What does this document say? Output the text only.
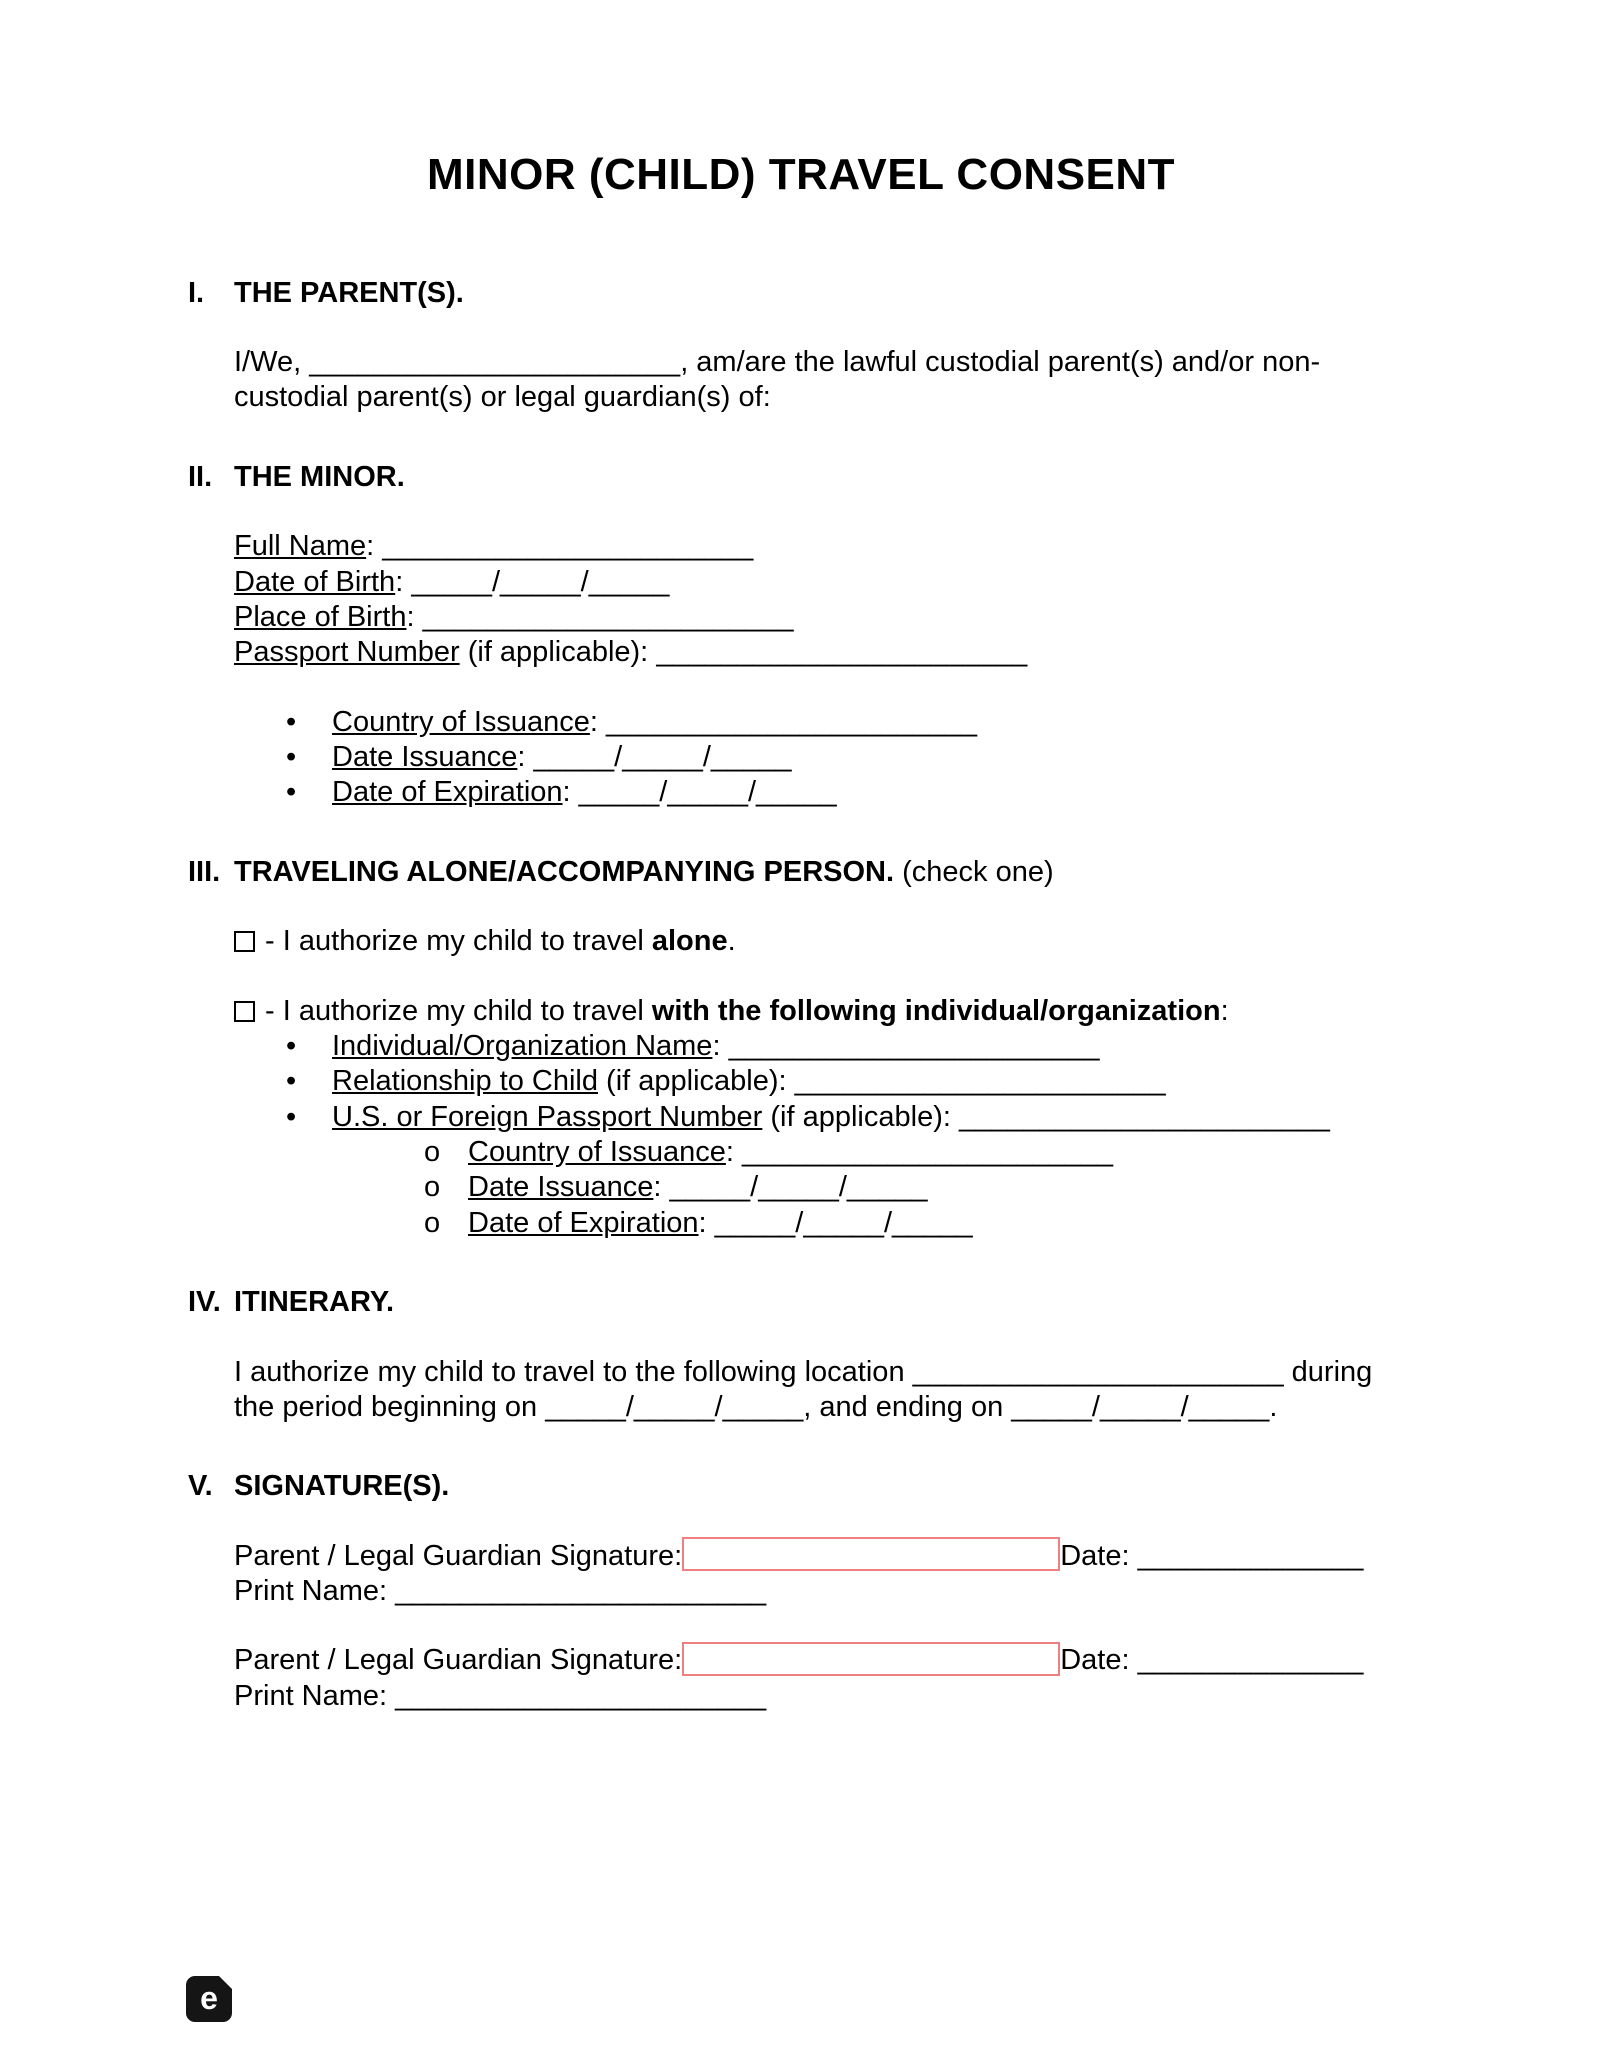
MINOR (CHILD) TRAVEL CONSENT
I.	THE PARENT(S).
I/We, _______________________, am/are the lawful custodial parent(s) and/or non-
custodial parent(s) or legal guardian(s) of:
II. THE MINOR.
Full Name: _______________________
Date of Birth: _____/_____/_____
Place of Birth: _______________________
Passport Number (if applicable): _______________________
•	Country of Issuance: _______________________
•	Date Issuance: _____/_____/_____
•	Date of Expiration: _____/_____/_____
III. TRAVELING ALONE/ACCOMPANYING PERSON. (check one)
- I authorize my child to travel alone.
- I authorize my child to travel with the following individual/organization:
•	Individual/Organization Name: _______________________
•	Relationship to Child (if applicable): _______________________
•	U.S. or Foreign Passport Number (if applicable): _______________________
o Country of Issuance: _______________________
o Date Issuance: _____/_____/_____
o Date of Expiration: _____/_____/_____
IV. ITINERARY.
I authorize my child to travel to the following location _______________________ during
the period beginning on _____/_____/_____, and ending on _____/_____/_____.
V. SIGNATURE(S).
Parent / Legal Guardian Signature:	Date: ______________
Print Name: _______________________
Parent / Legal Guardian Signature:	Date: ______________
Print Name: _______________________
e
